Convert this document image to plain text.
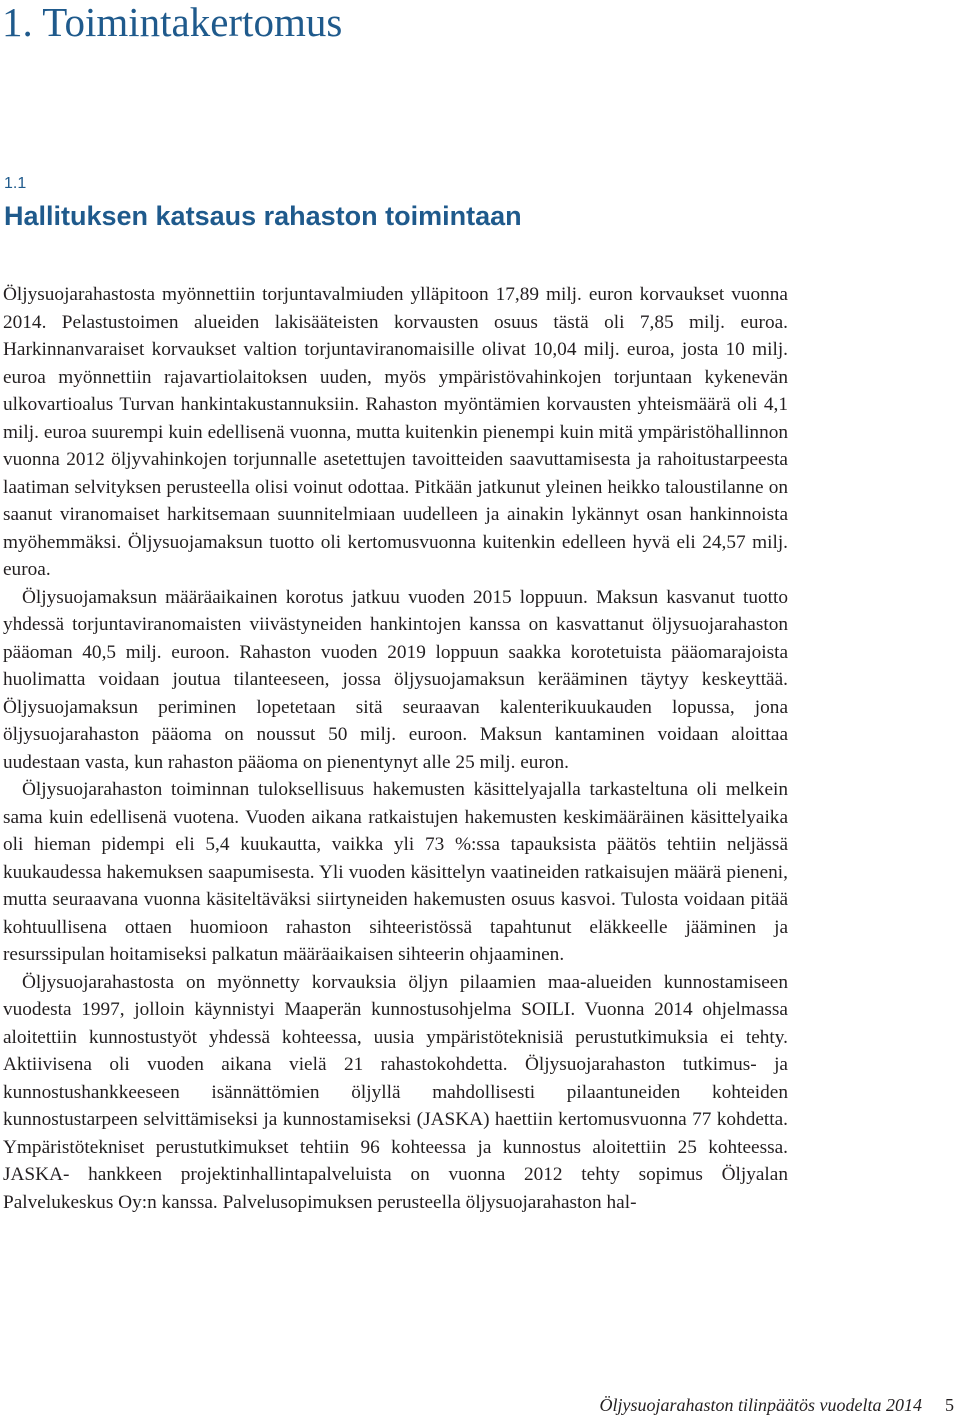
1. Toimintakertomus
1.1
Hallituksen katsaus rahaston toimintaan

Öljysuojarahastosta myönnettiin torjuntavalmiuden ylläpitoon 17,89 milj. euron korvaukset vuonna 2014. Pelastustoimen alueiden lakisääteisten korvausten osuus tästä oli 7,85 milj. euroa. Harkinnanvaraiset korvaukset valtion torjuntaviranomaisille olivat 10,04 milj. euroa, josta 10 milj. euroa myönnettiin rajavartiolaitoksen uuden, myös ympäristövahinkojen torjuntaan kykenevän ulkovartioalus Turvan hankintakustannuksiin. Rahaston myöntämien korvausten yhteismäärä oli 4,1 milj. euroa suurempi kuin edellisenä vuonna, mutta kuitenkin pienempi kuin mitä ympäristöhallinnon vuonna 2012 öljyvahinkojen torjunnalle asetettujen tavoitteiden saavuttamisesta ja rahoitustarpeesta laatiman selvityksen perusteella olisi voinut odottaa. Pitkään jatkunut yleinen heikko taloustilanne on saanut viranomaiset harkitsemaan suunnitelmiaan uudelleen ja ainakin lykännyt osan hankinnoista myöhemmäksi. Öljysuojamaksun tuotto oli kertomusvuonna kuitenkin edelleen hyvä eli 24,57 milj. euroa.

Öljysuojamaksun määräaikainen korotus jatkuu vuoden 2015 loppuun. Maksun kasvanut tuotto yhdessä torjuntaviranomaisten viivästyneiden hankintojen kanssa on kasvattanut öljysuojarahaston pääoman 40,5 milj. euroon. Rahaston vuoden 2019 loppuun saakka korotetuista pääomarajoista huolimatta voidaan joutua tilanteeseen, jossa öljysuojamaksun kerääminen täytyy keskeyttää. Öljysuojamaksun periminen lopetetaan sitä seuraavan kalenterikuukauden lopussa, jona öljysuojarahaston pääoma on noussut 50 milj. euroon. Maksun kantaminen voidaan aloittaa uudestaan vasta, kun rahaston pääoma on pienentynyt alle 25 milj. euron.

Öljysuojarahaston toiminnan tuloksellisuus hakemusten käsittelyajalla tarkasteltuna oli melkein sama kuin edellisenä vuotena. Vuoden aikana ratkaistujen hakemusten keskimääräinen käsittelyaika oli hieman pidempi eli 5,4 kuukautta, vaikka yli 73 %:ssa tapauksista päätös tehtiin neljässä kuukaudessa hakemuksen saapumisesta. Yli vuoden käsittelyn vaatineiden ratkaisujen määrä pieneni, mutta seuraavana vuonna käsiteltäväksi siirtyneiden hakemusten osuus kasvoi. Tulosta voidaan pitää kohtuullisena ottaen huomioon rahaston sihteeristössä tapahtunut eläkkeelle jääminen ja resurssipulan hoitamiseksi palkatun määräaikaisen sihteerin ohjaaminen.

Öljysuojarahastosta on myönnetty korvauksia öljyn pilaamien maa-alueiden kunnostamiseen vuodesta 1997, jolloin käynnistyi Maaperän kunnostusohjelma SOILI. Vuonna 2014 ohjelmassa aloitettiin kunnostustyöt yhdessä kohteessa, uusia ympäristöteknisiä perustutkimuksia ei tehty. Aktiivisena oli vuoden aikana vielä 21 rahastokohdetta. Öljysuojarahaston tutkimus- ja kunnostushankkeeseen isännättömien öljyllä mahdollisesti pilaantuneiden kohteiden kunnostustarpeen selvittämiseksi ja kunnostamiseksi (JASKA) haettiin kertomusvuonna 77 kohdetta. Ympäristötekniset perustutkimukset tehtiin 96 kohteessa ja kunnostus aloitettiin 25 kohteessa. JASKA- hankkeen projektinhallintapalveluista on vuonna 2012 tehty sopimus Öljyalan Palvelukeskus Oy:n kanssa. Palvelusopimuksen perusteella öljysuojarahaston hal-

Öljysuojarahaston tilinpäätös vuodelta 2014 5
